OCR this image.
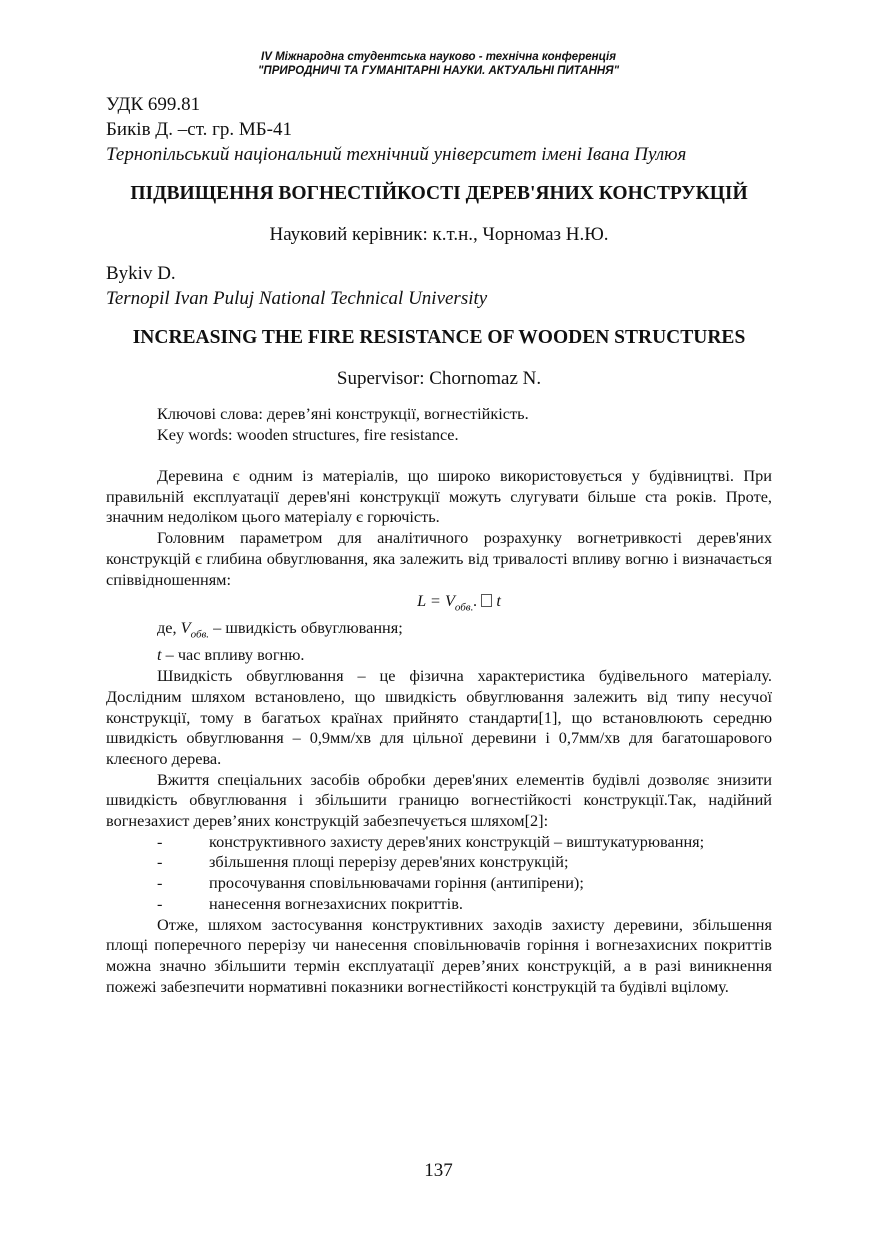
IV Міжнародна студентська науково - технічна конференція
"ПРИРОДНИЧІ ТА ГУМАНІТАРНІ НАУКИ. АКТУАЛЬНІ ПИТАННЯ"
УДК 699.81
Биків Д. –ст. гр. МБ-41
Тернопільський національний технічний університет імені Івана Пулюя
ПІДВИЩЕННЯ ВОГНЕСТІЙКОСТІ ДЕРЕВ'ЯНИХ КОНСТРУКЦІЙ
Науковий керівник: к.т.н., Чорномаз Н.Ю.
Bykiv D.
Ternopil Ivan Puluj National Technical University
INCREASING THE FIRE RESISTANCE OF WOODEN STRUCTURES
Supervisor: Chornomaz N.
Ключові слова: дерев’яні конструкції, вогнестійкість.
Key words: wooden structures, fire resistance.

Деревина є одним із матеріалів, що широко використовується у будівництві. При правильній експлуатації дерев'яні конструкції можуть слугувати більше ста років. Проте, значним недоліком цього матеріалу є горючість.

Головним параметром для аналітичного розрахунку вогнетривкості дерев'яних конструкцій є глибина обвуглювання, яка залежить від тривалості впливу вогню і визначається співвідношенням:

$L = V_{обв.}$. t

де, $V_{обв.}$ – швидкість обвуглювання;

t – час впливу вогню.

Швидкість обвуглювання – це фізична характеристика будівельного матеріалу. Дослідним шляхом встановлено, що швидкість обвуглювання залежить від типу несучої конструкції, тому в багатьох країнах прийнято стандарти[1], що встановлюють середню швидкість обвуглювання – 0,9мм/хв для цільної деревини і 0,7мм/хв для багатошарового клеєного дерева.

Вжиття спеціальних засобів обробки дерев'яних елементів будівлі дозволяє знизити швидкість обвуглювання і збільшити границю вогнестійкості конструкції.Так, надійний вогнезахист дерев’яних конструкцій забезпечується шляхом[2]:

-	конструктивного захисту дерев'яних конструкцій – виштукатурювання;
-	збільшення площі перерізу дерев'яних конструкцій;
-	просочування сповільнювачами горіння (антипірени);
-	нанесення вогнезахисних покриттів.

Отже, шляхом застосування конструктивних заходів захисту деревини, збільшення площі поперечного перерізу чи нанесення сповільнювачів горіння і вогнезахисних покриттів можна значно збільшити термін експлуатації дерев’яних конструкцій, а в разі виникнення пожежі забезпечити нормативні показники вогнестійкості конструкцій та будівлі вцілому.

137
